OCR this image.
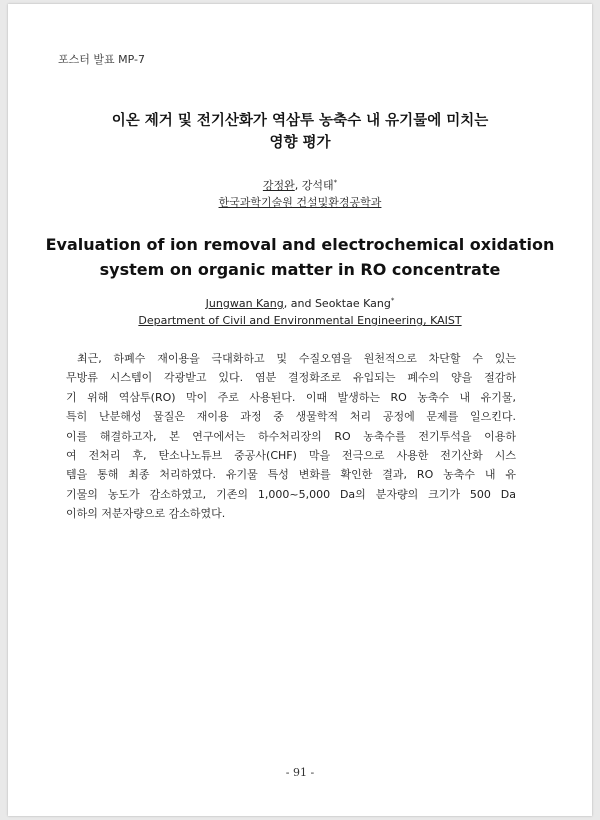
포스터 발표 MP-7
이온 제거 및 전기산화가 역삼투 농축수 내 유기물에 미치는
영향 평가
강정완, 강석태*
한국과학기술원 건설및환경공학과
Evaluation of ion removal and electrochemical oxidation
system on organic matter in RO concentrate
Jungwan Kang, and Seoktae Kang*
Department of Civil and Environmental Engineering, KAIST
최근, 하폐수 재이용을 극대화하고 및 수질오염을 원천적으로 차단할 수 있는
무방류 시스템이 각광받고 있다. 염분 결정화조로 유입되는 폐수의 양을 절감하
기 위해 역삼투(RO) 막이 주로 사용된다. 이때 발생하는 RO 농축수 내 유기물,
특히 난분해성 물질은 재이용 과정 중 생물학적 처리 공정에 문제를 일으킨다.
이를 해결하고자, 본 연구에서는 하수처리장의 RO 농축수를 전기투석을 이용하
여 전처리 후, 탄소나노튜브 중공사(CHF) 막을 전극으로 사용한 전기산화 시스
템을 통해 최종 처리하였다. 유기물 특성 변화를 확인한 결과, RO 농축수 내 유
기물의 농도가 감소하였고, 기존의 1,000~5,000 Da의 분자량의 크기가 500 Da
이하의 저분자량으로 감소하였다.
- 91 -
